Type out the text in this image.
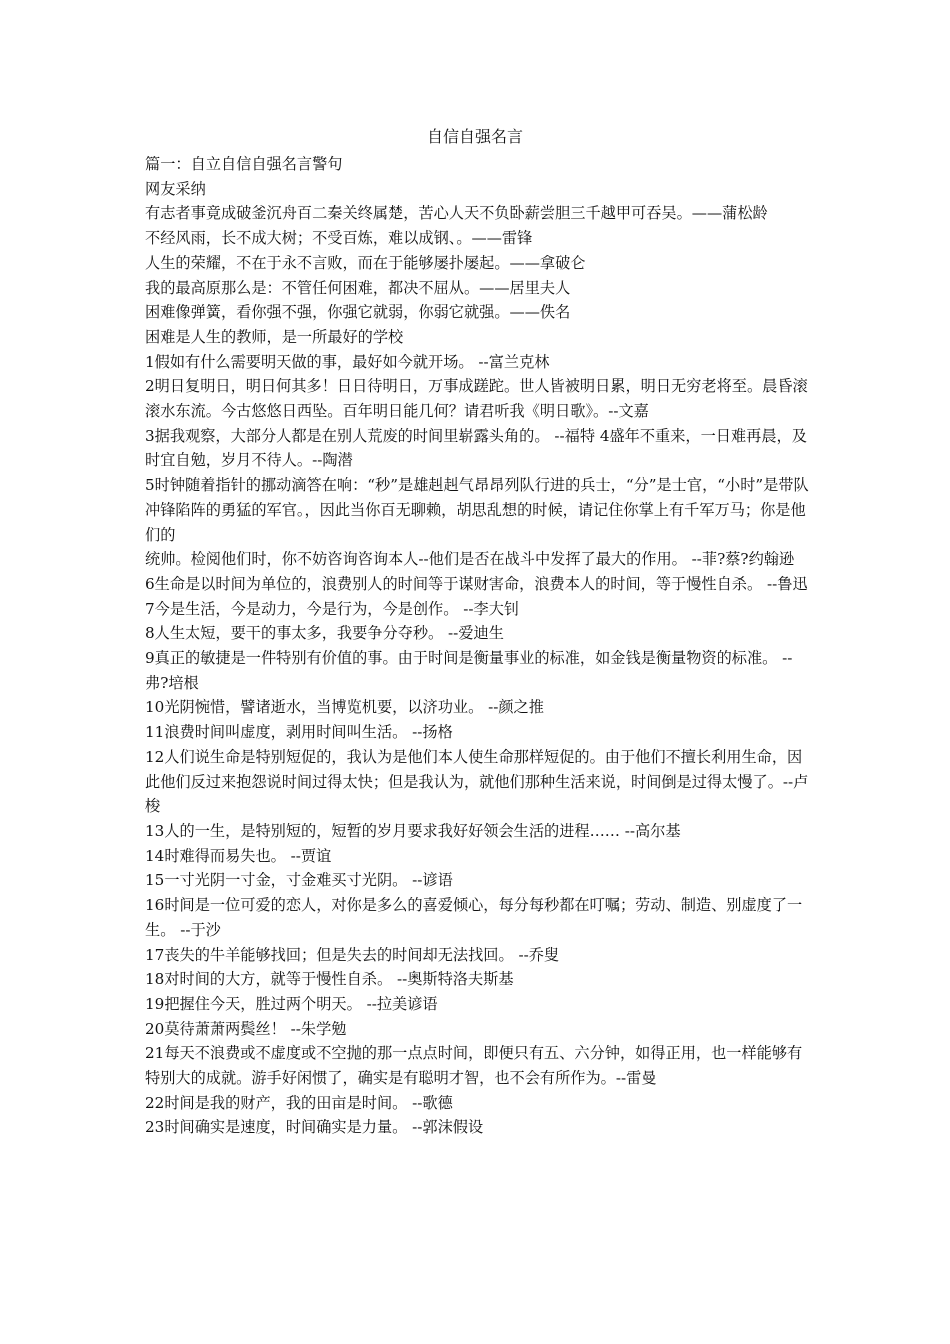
自信自强名言

篇一：自立自信自强名言警句

网友采纳

有志者事竟成破釜沉舟百二秦关终属楚，苦心人天不负卧薪尝胆三千越甲可吞吴。——蒲松龄

不经风雨，长不成大树；不受百炼，难以成钢、。——雷锋

人生的荣耀，不在于永不言败，而在于能够屡扑屡起。——拿破仑

我的最高原那么是：不管任何困难，都决不屈从。——居里夫人

困难像弹簧，看你强不强，你强它就弱，你弱它就强。——佚名

困难是人生的教师，是一所最好的学校

1假如有什么需要明天做的事，最好如今就开场。 --富兰克林

2明日复明日，明日何其多！日日待明日，万事成蹉跎。世人皆被明日累，明日无穷老将至。晨昏滚滚水东流。今古悠悠日西坠。百年明日能几何？请君听我《明日歌》。--文嘉

3据我观察，大部分人都是在别人荒废的时间里崭露头角的。 --福特 4盛年不重来，一日难再晨，及时宜自勉，岁月不待人。--陶潜

5时钟随着指针的挪动滴答在响：“秒”是雄赳赳气昂昂列队行进的兵士，“分”是士官，“小时”是带队冲锋陷阵的勇猛的军官。，因此当你百无聊赖，胡思乱想的时候，请记住你掌上有千军万马；你是他们的

统帅。检阅他们时，你不妨咨询咨询本人--他们是否在战斗中发挥了最大的作用。 --菲?蔡?约翰逊

6生命是以时间为单位的，浪费别人的时间等于谋财害命，浪费本人的时间，等于慢性自杀。 --鲁迅

7今是生活，今是动力，今是行为，今是创作。 --李大钊

8人生太短，要干的事太多，我要争分夺秒。 --爱迪生

9真正的敏捷是一件特别有价值的事。由于时间是衡量事业的标准，如金钱是衡量物资的标准。 --弗?培根

10光阴惋惜，譬诸逝水，当博览机要，以济功业。 --颜之推

11浪费时间叫虚度，剥用时间叫生活。 --扬格

12人们说生命是特别短促的，我认为是他们本人使生命那样短促的。由于他们不擅长利用生命，因此他们反过来抱怨说时间过得太快；但是我认为，就他们那种生活来说，时间倒是过得太慢了。--卢梭

13人的一生，是特别短的，短暂的岁月要求我好好领会生活的进程…… --高尔基

14时难得而易失也。 --贾谊

15一寸光阴一寸金，寸金难买寸光阴。 --谚语

16时间是一位可爱的恋人，对你是多么的喜爱倾心，每分每秒都在叮嘱；劳动、制造、别虚度了一生。 --于沙

17丧失的牛羊能够找回；但是失去的时间却无法找回。 --乔叟

18对时间的大方，就等于慢性自杀。 --奥斯特洛夫斯基

19把握住今天，胜过两个明天。 --拉美谚语

20莫待萧萧两鬓丝！ --朱学勉

21每天不浪费或不虚度或不空抛的那一点点时间，即便只有五、六分钟，如得正用，也一样能够有特别大的成就。游手好闲惯了，确实是有聪明才智，也不会有所作为。--雷曼

22时间是我的财产，我的田亩是时间。 --歌德

23时间确实是速度，时间确实是力量。 --郭沫假设
